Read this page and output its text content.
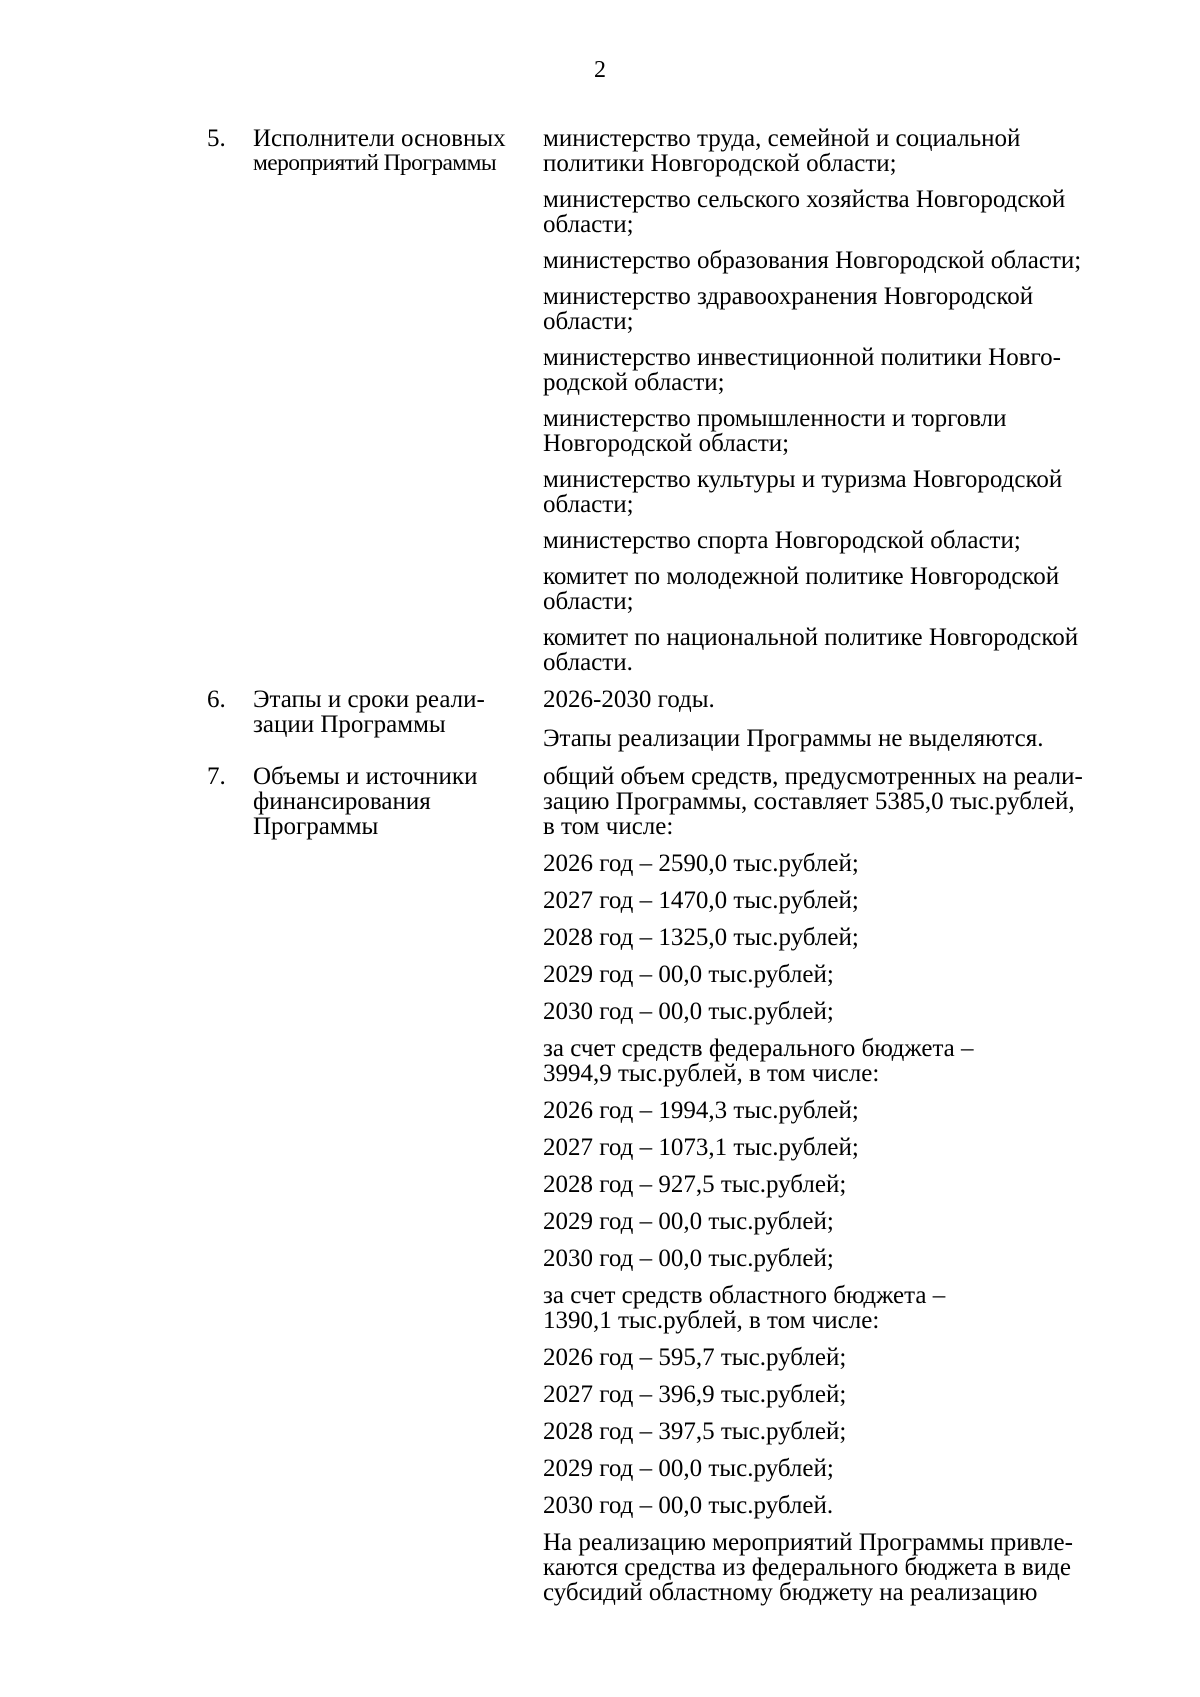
2
5. Исполнители основных
мероприятий Программы
министерство труда, семейной и социальной
политики Новгородской области;
министерство сельского хозяйства Новгородской
области;
министерство образования Новгородской области;
министерство здравоохранения Новгородской
области;
министерство инвестиционной политики Новго-
родской области;
министерство промышленности и торговли
Новгородской области;
министерство культуры и туризма Новгородской
области;
министерство спорта Новгородской области;
комитет по молодежной политике Новгородской
области;
комитет по национальной политике Новгородской
области.
6. Этапы и сроки реали-
зации Программы
2026-2030 годы.
Этапы реализации Программы не выделяются.
7. Объемы и источники
финансирования
Программы
общий объем средств, предусмотренных на реали-
зацию Программы, составляет 5385,0 тыс.рублей,
в том числе:
2026 год – 2590,0 тыс.рублей;
2027 год – 1470,0 тыс.рублей;
2028 год – 1325,0 тыс.рублей;
2029 год – 00,0 тыс.рублей;
2030 год – 00,0 тыс.рублей;
за счет средств федерального бюджета –
3994,9 тыс.рублей, в том числе:
2026 год – 1994,3 тыс.рублей;
2027 год – 1073,1 тыс.рублей;
2028 год – 927,5 тыс.рублей;
2029 год – 00,0 тыс.рублей;
2030 год – 00,0 тыс.рублей;
за счет средств областного бюджета –
1390,1 тыс.рублей, в том числе:
2026 год – 595,7 тыс.рублей;
2027 год – 396,9 тыс.рублей;
2028 год – 397,5 тыс.рублей;
2029 год – 00,0 тыс.рублей;
2030 год – 00,0 тыс.рублей.
На реализацию мероприятий Программы привле-
каются средства из федерального бюджета в виде
субсидий областному бюджету на реализацию
